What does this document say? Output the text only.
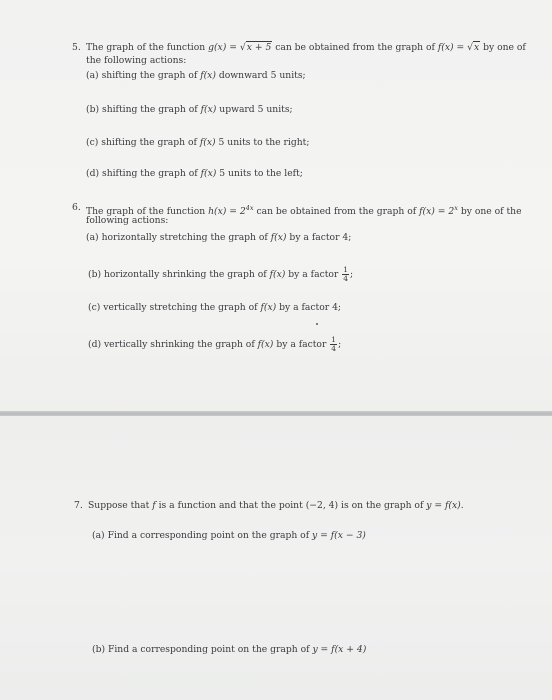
5. The graph of the function g(x) = √x + 5 can be obtained from the graph of f(x) = √x by one of
the following actions:
(a) shifting the graph of f(x) downward 5 units;
(b) shifting the graph of f(x) upward 5 units;
(c) shifting the graph of f(x) 5 units to the right;
(d) shifting the graph of f(x) 5 units to the left;
6. The graph of the function $h(x) = 2^{4x}$ can be obtained from the graph of $f(x) = 2^x$ by one of the
following actions:
(a) horizontally stretching the graph of f(x) by a factor 4;
(b) horizontally shrinking the graph of f(x) by a factor $\frac{1}{4}$ ;
(c) vertically stretching the graph of f(x) by a factor 4;
(d) vertically shrinking the graph of f(x) by a factor $\frac{1}{4}$ ;
7. Suppose that f is a function and that the point (−2, 4) is on the graph of y = f(x).
(a) Find a corresponding point on the graph of y = f(x − 3)
(b) Find a corresponding point on the graph of y = f(x + 4)
